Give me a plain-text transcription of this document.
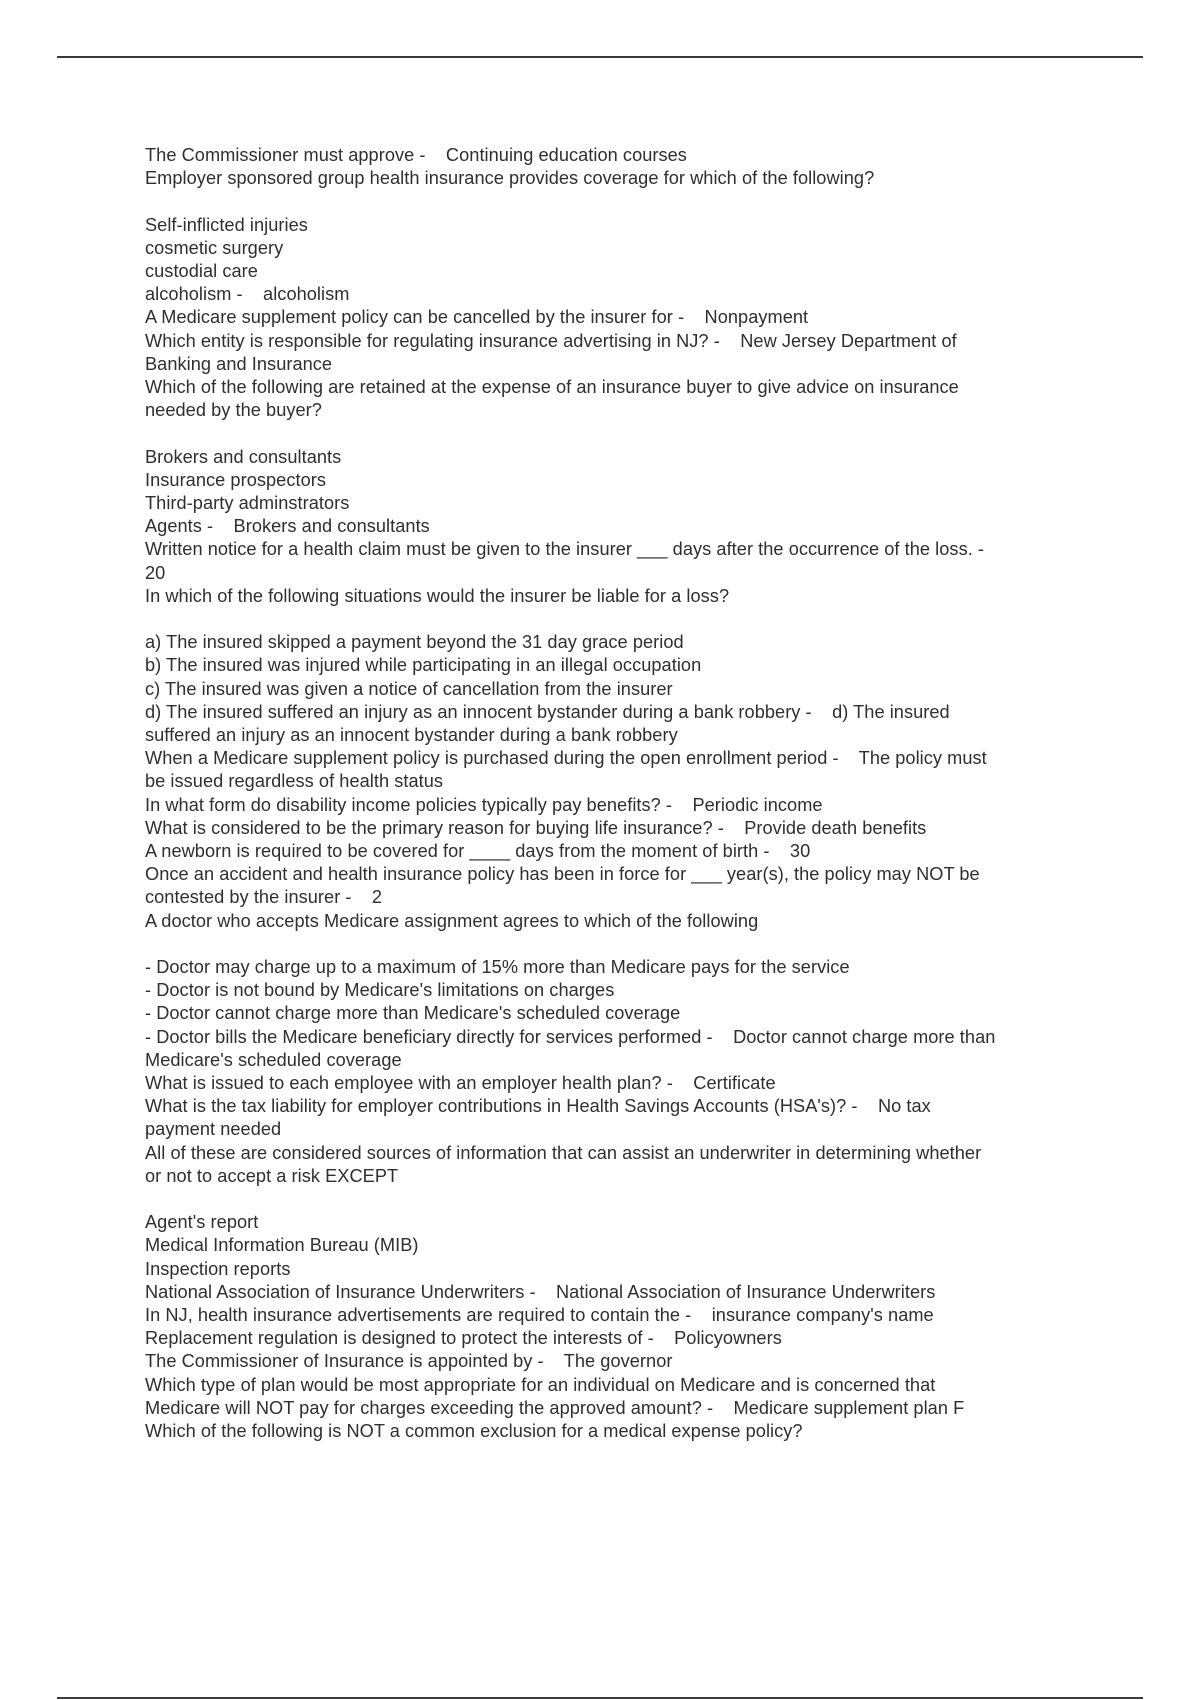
The Commissioner must approve -    Continuing education courses
Employer sponsored group health insurance provides coverage for which of the following?
Self-inflicted injuries
cosmetic surgery
custodial care
alcoholism -    alcoholism
A Medicare supplement policy can be cancelled by the insurer for -    Nonpayment
Which entity is responsible for regulating insurance advertising in NJ? -    New Jersey Department of
Banking and Insurance
Which of the following are retained at the expense of an insurance buyer to give advice on insurance
needed by the buyer?
Brokers and consultants
Insurance prospectors
Third-party adminstrators
Agents -    Brokers and consultants
Written notice for a health claim must be given to the insurer ___ days after the occurrence of the loss. -
20
In which of the following situations would the insurer be liable for a loss?
a) The insured skipped a payment beyond the 31 day grace period
b) The insured was injured while participating in an illegal occupation
c) The insured was given a notice of cancellation from the insurer
d) The insured suffered an injury as an innocent bystander during a bank robbery -    d) The insured
suffered an injury as an innocent bystander during a bank robbery
When a Medicare supplement policy is purchased during the open enrollment period -    The policy must
be issued regardless of health status
In what form do disability income policies typically pay benefits? -    Periodic income
What is considered to be the primary reason for buying life insurance? -    Provide death benefits
A newborn is required to be covered for ____ days from the moment of birth -    30
Once an accident and health insurance policy has been in force for ___ year(s), the policy may NOT be
contested by the insurer -    2
A doctor who accepts Medicare assignment agrees to which of the following
- Doctor may charge up to a maximum of 15% more than Medicare pays for the service
- Doctor is not bound by Medicare's limitations on charges
- Doctor cannot charge more than Medicare's scheduled coverage
- Doctor bills the Medicare beneficiary directly for services performed -    Doctor cannot charge more than
Medicare's scheduled coverage
What is issued to each employee with an employer health plan? -    Certificate
What is the tax liability for employer contributions in Health Savings Accounts (HSA's)? -    No tax
payment needed
All of these are considered sources of information that can assist an underwriter in determining whether
or not to accept a risk EXCEPT
Agent's report
Medical Information Bureau (MIB)
Inspection reports
National Association of Insurance Underwriters -    National Association of Insurance Underwriters
In NJ, health insurance advertisements are required to contain the -    insurance company's name
Replacement regulation is designed to protect the interests of -    Policyowners
The Commissioner of Insurance is appointed by -    The governor
Which type of plan would be most appropriate for an individual on Medicare and is concerned that
Medicare will NOT pay for charges exceeding the approved amount? -    Medicare supplement plan F
Which of the following is NOT a common exclusion for a medical expense policy?
